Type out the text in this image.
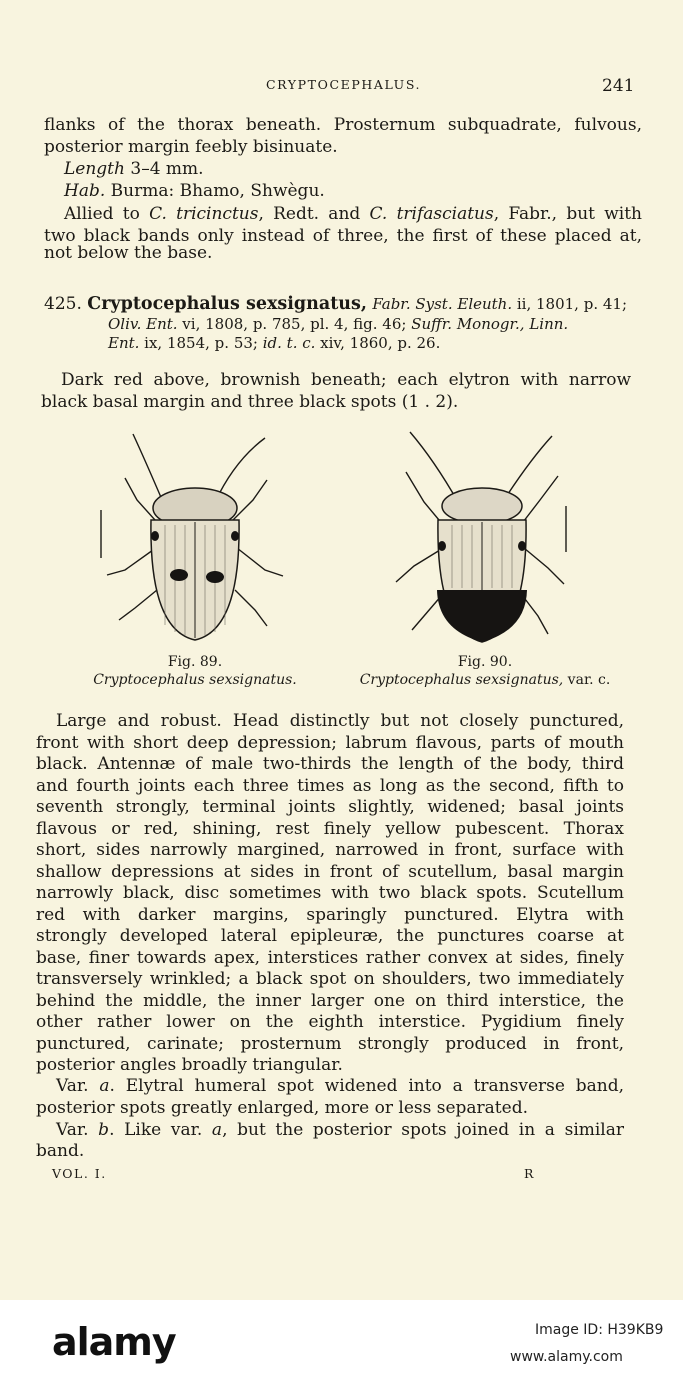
CRYPTOCEPHALUS.	241

flanks of the thorax beneath. Prosternum subquadrate, fulvous,

posterior margin feebly bisinuate.

Length 3–4 mm.

Hab. Burma: Bhamo, Shwègu.

Allied to C. tricinctus, Redt. and C. trifasciatus, Fabr., but with

two black bands only instead of three, the first of these placed at,

not below the base.

425. Cryptocephalus sexsignatus, Fabr. Syst. Eleuth. ii, 1801, p. 41;

Oliv. Ent. vi, 1808, p. 785, pl. 4, fig. 46; Suffr. Monogr., Linn.

Ent. ix, 1854, p. 53; id. t. c. xiv, 1860, p. 26.

Dark red above, brownish beneath; each elytron with narrow

black basal margin and three black spots (1 . 2).

Fig. 89.
Cryptocephalus sexsignatus.
Fig. 90.
Cryptocephalus sexsignatus, var. c.

Large and robust. Head distinctly but not closely punctured,

front with short deep depression; labrum flavous, parts of mouth

black. Antennæ of male two-thirds the length of the body, third

and fourth joints each three times as long as the second, fifth to

seventh strongly, terminal joints slightly, widened; basal joints

flavous or red, shining, rest finely yellow pubescent. Thorax

short, sides narrowly margined, narrowed in front, surface with

shallow depressions at sides in front of scutellum, basal margin

narrowly black, disc sometimes with two black spots. Scutellum

red with darker margins, sparingly punctured. Elytra with

strongly developed lateral epipleuræ, the punctures coarse at

base, finer towards apex, interstices rather convex at sides, finely

transversely wrinkled; a black spot on shoulders, two immediately

behind the middle, the inner larger one on third interstice, the

other rather lower on the eighth interstice. Pygidium finely

punctured, carinate; prosternum strongly produced in front,

posterior angles broadly triangular.

Var. a. Elytral humeral spot widened into a transverse band,

posterior spots greatly enlarged, more or less separated.

Var. b. Like var. a, but the posterior spots joined in a similar

band.

VOL. I.	R
alamy	Image ID: H39KB9
www.alamy.com
